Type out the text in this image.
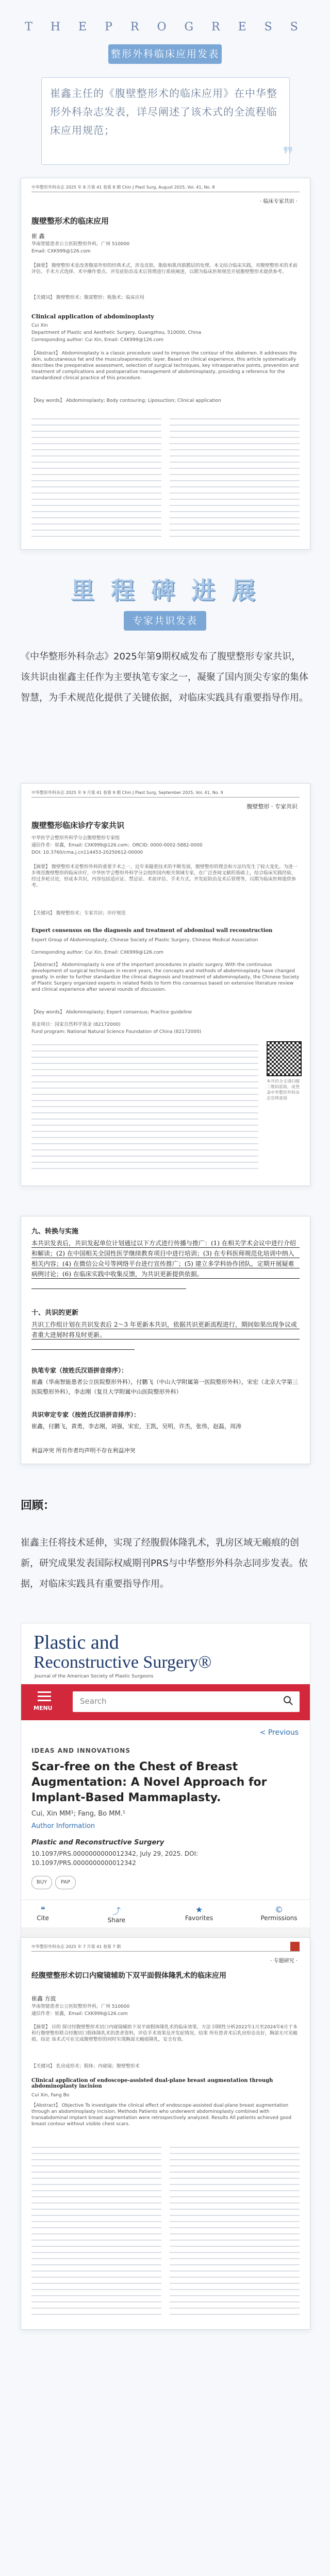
T H E P R O G R E S S
整形外科临床应用发表
崔鑫主任的《腹壁整形术的临床应用》在中华整形外科杂志发表，详尽阐述了该术式的全流程临床应用规范；
❞
中华整形外科杂志 2025 年 8 月第 41 卷第 8 期 Chin J Plast Surg, August 2025, Vol. 41, No. 8
· 临床专家共识 ·
腹壁整形术的临床应用
崔 鑫
华南智能患者公立医院整形外科，广州 510000
Email: CXK999@126.com
【摘要】 腹壁整形术是改善腹部外形的经典术式，涉及皮肤、脂肪和肌肉筋膜层的处理。本文结合临床实践，对腹壁整形术的术前评估、手术方式选择、术中操作要点、并发症防治及术后管理进行系统阐述，以期为临床医师规范开展腹壁整形术提供参考。
【关键词】 腹壁整形术；腹部整形；吸脂术；临床应用
Clinical application of abdominoplasty
Cui Xin
Department of Plastic and Aesthetic Surgery, Guangzhou, 510000, China
Corresponding author: Cui Xin, Email: CXK999@126.com
【Abstract】 Abdominoplasty is a classic procedure used to improve the contour of the abdomen. It addresses the skin, subcutaneous fat and the musculoaponeurotic layer. Based on clinical experience, this article systematically describes the preoperative assessment, selection of surgical techniques, key intraoperative points, prevention and treatment of complications and postoperative management of abdominoplasty, providing a reference for the standardized clinical practice of this procedure.
【Key words】 Abdominoplasty; Body contouring; Liposuction; Clinical application
里 程 碑 进 展
专家共识发表
《中华整形外科杂志》2025年第9期权威发布了腹壁整形专家共识，该共识由崔鑫主任作为主要执笔专家之一，凝聚了国内顶尖专家的集体智慧，为手术规范化提供了关键依据，对临床实践具有重要指导作用。
中华整形外科杂志 2025 年 9 月第 41 卷第 9 期 Chin J Plast Surg, September 2025, Vol. 41, No. 9
腹壁整形 · 专家共识
腹壁整形临床诊疗专家共识
中华医学会整形外科学分会腹壁整形专家组
通信作者：崔鑫，Email: CXK999@126.com；ORCID: 0000-0002-5882-0000
DOI: 10.3760/cma.j.cn114453-20250612-00000
【摘要】 腹壁整形术是整形外科的重要手术之一，近年来随着技术的不断发展，腹壁整形的理念和方法均发生了较大变化。为进一步规范腹壁整形的临床诊疗，中华医学会整形外科学分会组织国内相关领域专家，在广泛查阅文献的基础上，结合临床实践经验，经过多轮讨论，形成本共识，内容包括适应证、禁忌证、术前评估、手术方式、并发症防治及术后管理等，以期为临床医师提供参考。
【关键词】 腹壁整形术；专家共识；诊疗规范
Expert consensus on the diagnosis and treatment of abdominal wall reconstruction
Expert Group of Abdominoplasty, Chinese Society of Plastic Surgery, Chinese Medical Association
Corresponding author: Cui Xin, Email: CXK999@126.com
【Abstract】 Abdominoplasty is one of the important procedures in plastic surgery. With the continuous development of surgical techniques in recent years, the concepts and methods of abdominoplasty have changed greatly. In order to further standardize the clinical diagnosis and treatment of abdominoplasty, the Chinese Society of Plastic Surgery organized experts in related fields to form this consensus based on extensive literature review and clinical experience after several rounds of discussion.
【Key words】 Abdominoplasty; Expert consensus; Practice guideline
基金项目：国家自然科学基金 (82172000)
Fund program: National Natural Science Foundation of China (82172000)
本共识全文请扫描二维码获取，或登录中华整形外科杂志官网查阅
九、转换与实施
本共识发表后，共识发起单位计划通过以下方式进行传播与推广：(1) 在相关学术会议中进行介绍和解读；(2) 在中国相关全国性医学继续教育项目中进行培训；(3) 在专科医师规范化培训中纳入相关内容；(4) 在微信公众号等网络平台进行宣传推广；(5) 建立多学科协作团队，定期开展疑难病例讨论；(6) 在临床实践中收集反馈，为共识更新提供依据。
十、共识的更新
共识工作组计划在共识发表后 2～3 年更新本共识，依据共识更新流程进行，期间如果出现争议或者重大进展时将及时更新。
执笔专家（按姓氏汉语拼音排序）：
崔鑫（华南智能患者公立医院整形外科），付鹏飞（中山大学附属第一医院整形外科），宋宏（北京大学第三医院整形外科），李志刚（复旦大学附属中山医院整形外科）
共识审定专家（按姓氏汉语拼音排序）：
崔鑫，付鹏飞，黄勇，李志刚，刘强，宋宏，王凯，吴明，许杰，张伟，赵磊，周涛
利益冲突 所有作者均声明不存在利益冲突
回顾：
崔鑫主任将技术延伸，实现了经腹假体隆乳术，乳房区域无瘢痕的创新，研究成果发表国际权威期刊PRS与中华整形外科杂志同步发表。依据，对临床实践具有重要指导作用。
Plastic and
Reconstructive Surgery®
Journal of the American Society of Plastic Surgeons
MENU
Search
< Previous
IDEAS AND INNOVATIONS
Scar-free on the Chest of Breast Augmentation: A Novel Approach for Implant-Based Mammaplasty.
Cui, Xin MM¹; Fang, Bo MM.¹
Author Information
Plastic and Reconstructive Surgery
10.1097/PRS.0000000000012342, July 29, 2025. DOI: 10.1097/PRS.0000000000012342
BUY	PAP
❝
Cite
⤴
Share
★
Favorites
©
Permissions
中华整形外科杂志 2025 年 7 月第 41 卷第 7 期
· 专题研究 ·
经腹壁整形术切口内窥镜辅助下双平面假体隆乳术的临床应用
崔鑫 方波
华南智能患者公立医院整形外科，广州 510000
通信作者：崔鑫，Email: CXK999@126.com
【摘要】 目的 探讨经腹壁整形术切口内窥镜辅助下双平面假体隆乳术的临床效果。方法 回顾性分析2022年1月至2024年6月于本科行腹壁整形联合经腹切口假体隆乳术的患者资料，评估手术效果及并发症情况。结果 所有患者术后乳房形态良好，胸部无可见瘢痕。结论 该术式可在完成腹壁整形的同时实现胸部无瘢痕隆乳，安全有效。
【关键词】 乳房成形术；假体；内窥镜；腹壁整形术
Clinical application of endoscope-assisted dual-plane breast augmentation through abdominoplasty incision
Cui Xin, Fang Bo
【Abstract】 Objective To investigate the clinical effect of endoscope-assisted dual-plane breast augmentation through an abdominoplasty incision. Methods Patients who underwent abdominoplasty combined with transabdominal implant breast augmentation were retrospectively analyzed. Results All patients achieved good breast contour without visible chest scars.
